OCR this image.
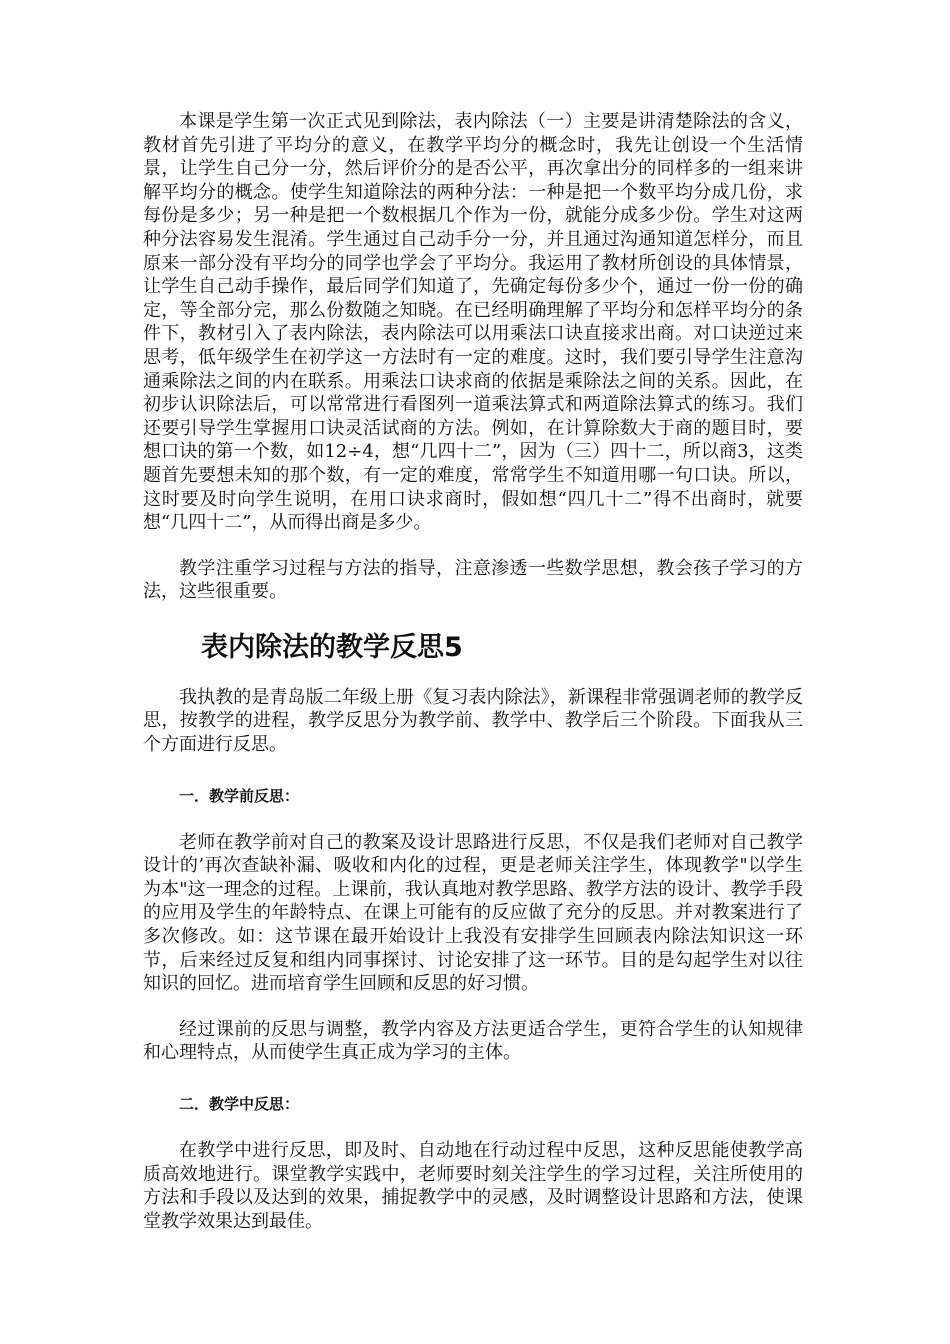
本课是学生第一次正式见到除法，表内除法（一）主要是讲清楚除法的含义，教材首先引进了平均分的意义，在教学平均分的概念时，我先让创设一个生活情景，让学生自己分一分，然后评价分的是否公平，再次拿出分的同样多的一组来讲解平均分的概念。使学生知道除法的两种分法：一种是把一个数平均分成几份，求每份是多少；另一种是把一个数根据几个作为一份，就能分成多少份。学生对这两种分法容易发生混淆。学生通过自己动手分一分，并且通过沟通知道怎样分，而且原来一部分没有平均分的同学也学会了平均分。我运用了教材所创设的具体情景，让学生自己动手操作，最后同学们知道了，先确定每份多少个，通过一份一份的确定，等全部分完，那么份数随之知晓。在已经明确理解了平均分和怎样平均分的条件下，教材引入了表内除法，表内除法可以用乘法口诀直接求出商。对口诀逆过来思考，低年级学生在初学这一方法时有一定的难度。这时，我们要引导学生注意沟通乘除法之间的内在联系。用乘法口诀求商的依据是乘除法之间的关系。因此，在初步认识除法后，可以常常进行看图列一道乘法算式和两道除法算式的练习。我们还要引导学生掌握用口诀灵活试商的方法。例如，在计算除数大于商的题目时，要想口诀的第一个数，如12÷4，想“几四十二”，因为（三）四十二，所以商3，这类题首先要想未知的那个数，有一定的难度，常常学生不知道用哪一句口诀。所以，这时要及时向学生说明，在用口诀求商时，假如想“四几十二”得不出商时，就要想“几四十二”，从而得出商是多少。

教学注重学习过程与方法的指导，注意渗透一些数学思想，教会孩子学习的方法，这些很重要。

表内除法的教学反思5

我执教的是青岛版二年级上册《复习表内除法》，新课程非常强调老师的教学反思，按教学的进程，教学反思分为教学前、教学中、教学后三个阶段。下面我从三个方面进行反思。

一．教学前反思：

老师在教学前对自己的教案及设计思路进行反思，不仅是我们老师对自己教学设计的’再次查缺补漏、吸收和内化的过程，更是老师关注学生，体现教学"以学生为本"这一理念的过程。上课前，我认真地对教学思路、教学方法的设计、教学手段的应用及学生的年龄特点、在课上可能有的反应做了充分的反思。并对教案进行了多次修改。如：这节课在最开始设计上我没有安排学生回顾表内除法知识这一环节，后来经过反复和组内同事探讨、讨论安排了这一环节。目的是勾起学生对以往知识的回忆。进而培育学生回顾和反思的好习惯。

经过课前的反思与调整，教学内容及方法更适合学生，更符合学生的认知规律和心理特点，从而使学生真正成为学习的主体。

二．教学中反思：

在教学中进行反思，即及时、自动地在行动过程中反思，这种反思能使教学高质高效地进行。课堂教学实践中，老师要时刻关注学生的学习过程，关注所使用的方法和手段以及达到的效果，捕捉教学中的灵感，及时调整设计思路和方法，使课堂教学效果达到最佳。
